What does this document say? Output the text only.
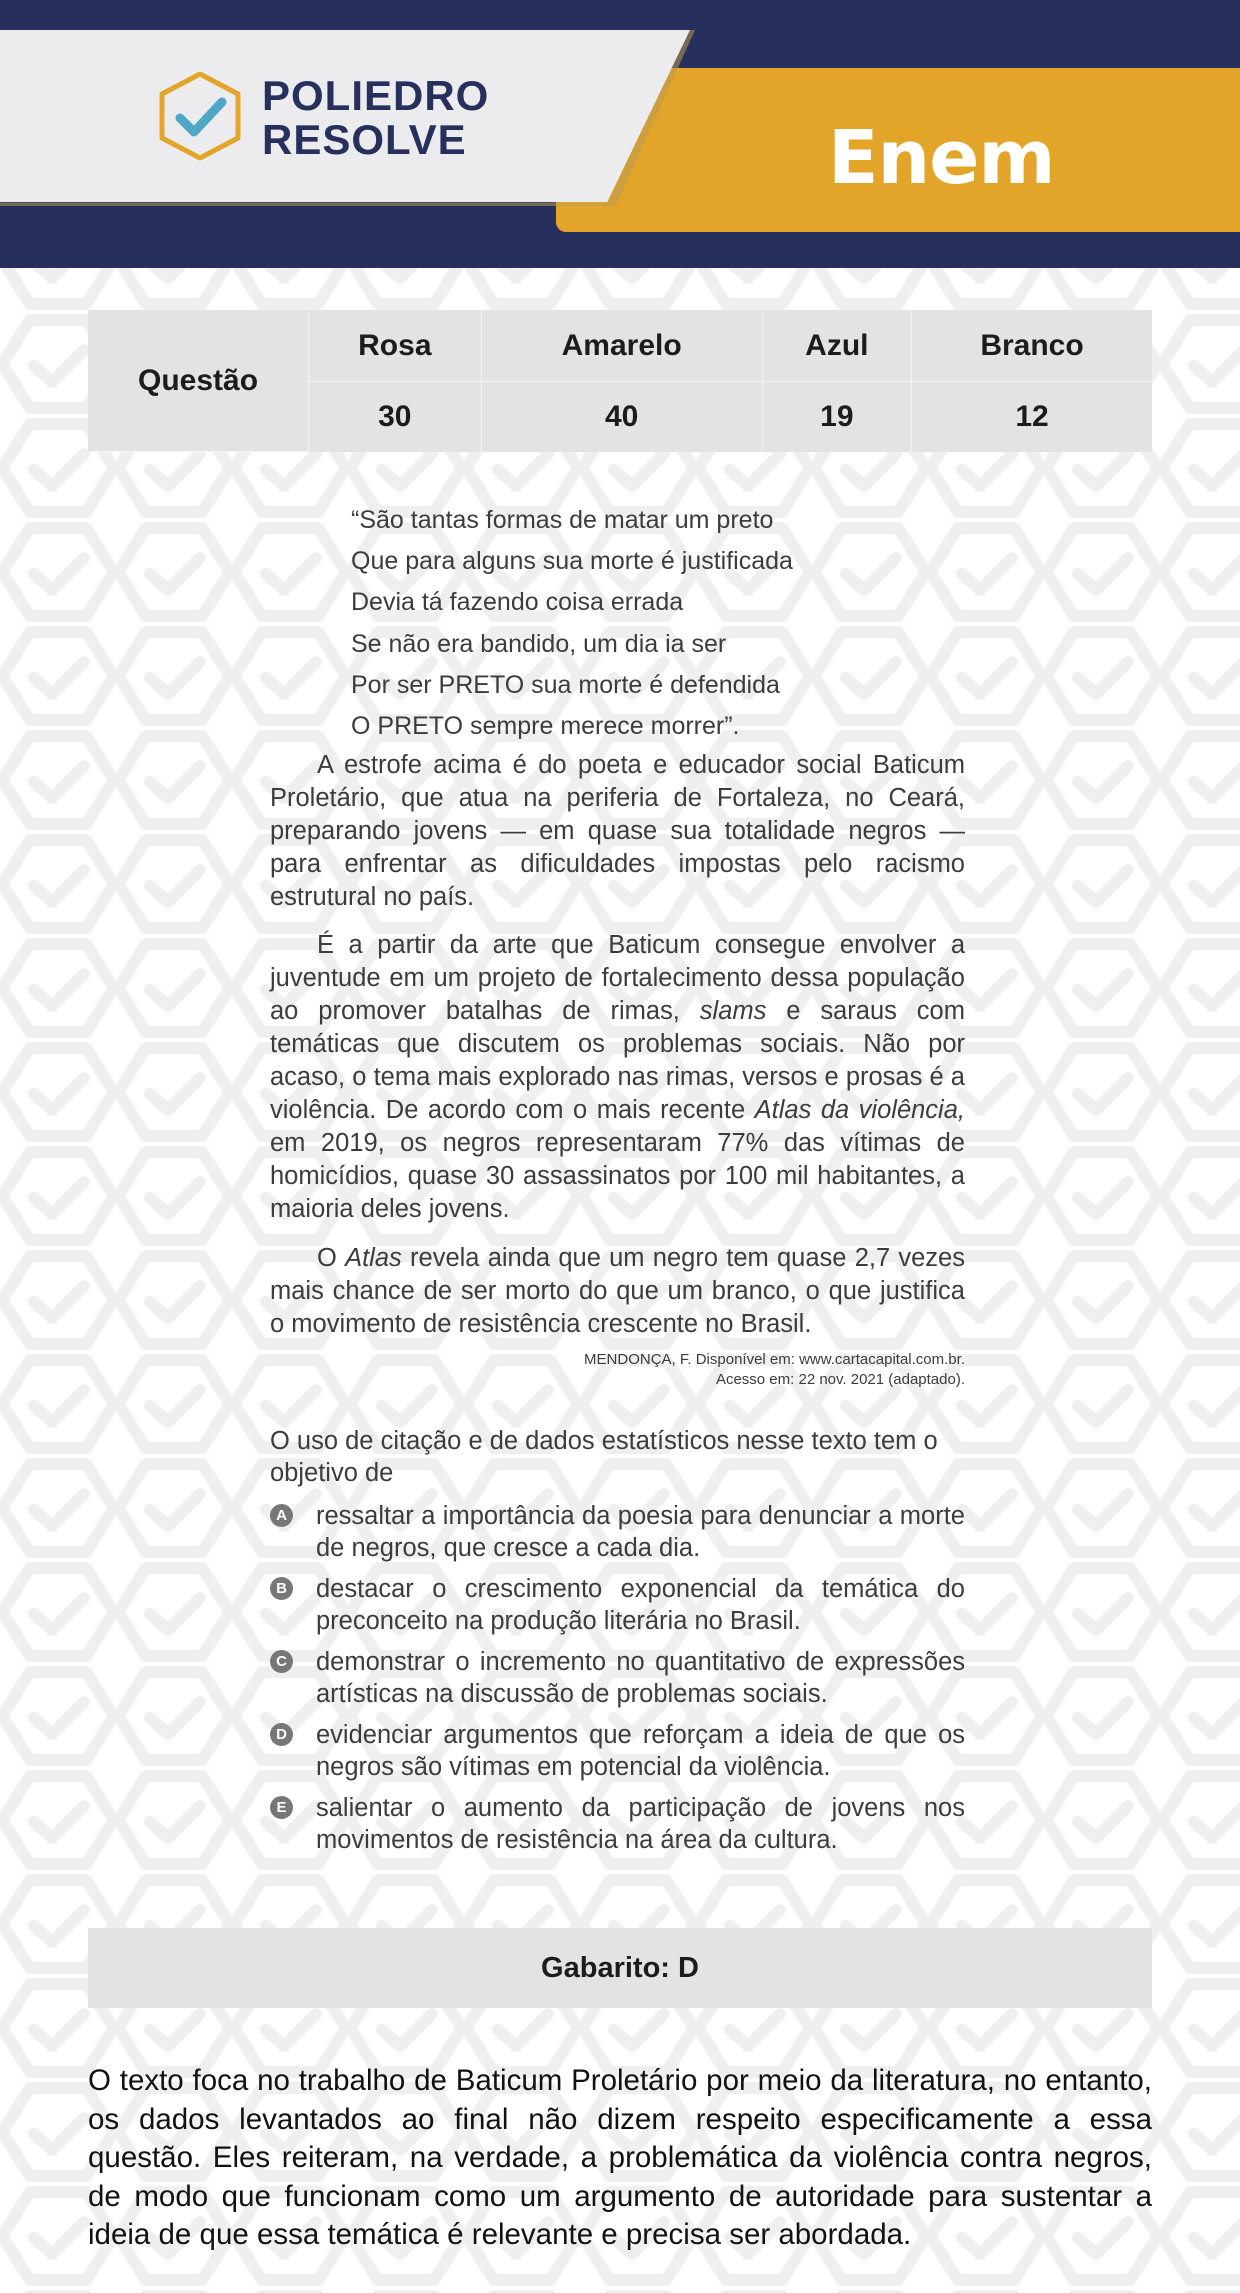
POLIEDRO
RESOLVE	Enem
Questão	Rosa	Amarelo	Azul	Branco
	30	40	19	12
“São tantas formas de matar um preto
Que para alguns sua morte é justificada
Devia tá fazendo coisa errada
Se não era bandido, um dia ia ser
Por ser PRETO sua morte é defendida
O PRETO sempre merece morrer”.

A estrofe acima é do poeta e educador social Baticum Proletário, que atua na periferia de Fortaleza, no Ceará, preparando jovens — em quase sua totalidade negros — para enfrentar as dificuldades impostas pelo racismo estrutural no país.

É a partir da arte que Baticum consegue envolver a juventude em um projeto de fortalecimento dessa população ao promover batalhas de rimas, slams e saraus com temáticas que discutem os problemas sociais. Não por acaso, o tema mais explorado nas rimas, versos e prosas é a violência. De acordo com o mais recente Atlas da violência, em 2019, os negros representaram 77% das vítimas de homicídios, quase 30 assassinatos por 100 mil habitantes, a maioria deles jovens.

O Atlas revela ainda que um negro tem quase 2,7 vezes mais chance de ser morto do que um branco, o que justifica o movimento de resistência crescente no Brasil.

MENDONÇA, F. Disponível em: www.cartacapital.com.br.
Acesso em: 22 nov. 2021 (adaptado).
O uso de citação e de dados estatísticos nesse texto tem o objetivo de
A ressaltar a importância da poesia para denunciar a morte de negros, que cresce a cada dia.
B destacar o crescimento exponencial da temática do preconceito na produção literária no Brasil.
C demonstrar o incremento no quantitativo de expressões artísticas na discussão de problemas sociais.
D evidenciar argumentos que reforçam a ideia de que os negros são vítimas em potencial da violência.
E salientar o aumento da participação de jovens nos movimentos de resistência na área da cultura.
Gabarito: D

O texto foca no trabalho de Baticum Proletário por meio da literatura, no entanto, os dados levantados ao final não dizem respeito especificamente a essa questão. Eles reiteram, na verdade, a problemática da violência contra negros, de modo que funcionam como um argumento de autoridade para sustentar a ideia de que essa temática é relevante e precisa ser abordada.
